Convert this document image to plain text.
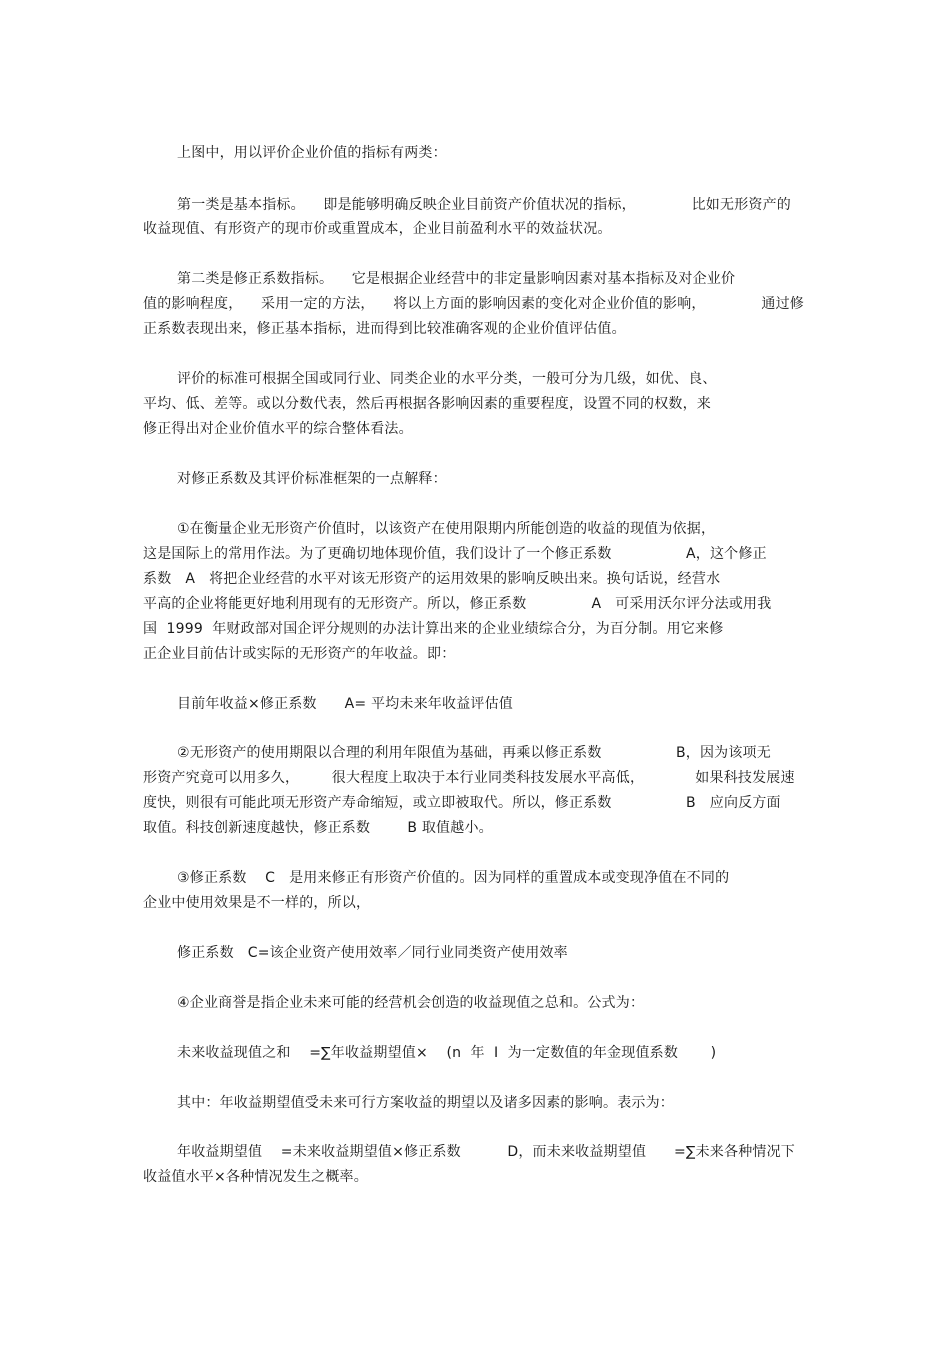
上图中，用以评价企业价值的指标有两类：
第一类是基本指标。    即是能够明确反映企业目前资产价值状况的指标，            比如无形资产的
收益现值、有形资产的现市价或重置成本，企业目前盈利水平的效益状况。
第二类是修正系数指标。    它是根据企业经营中的非定量影响因素对基本指标及对企业价
值的影响程度，    采用一定的方法，    将以上方面的影响因素的变化对企业价值的影响，            通过修
正系数表现出来，修正基本指标，进而得到比较准确客观的企业价值评估值。
评价的标准可根据全国或同行业、同类企业的水平分类，一般可分为几级，如优、良、
平均、低、差等。或以分数代表，然后再根据各影响因素的重要程度，设置不同的权数，来
修正得出对企业价值水平的综合整体看法。
对修正系数及其评价标准框架的一点解释：
①在衡量企业无形资产价值时，以该资产在使用限期内所能创造的收益的现值为依据，
这是国际上的常用作法。为了更确切地体现价值，我们设计了一个修正系数                A，这个修正
系数   A   将把企业经营的水平对该无形资产的运用效果的影响反映出来。换句话说，经营水
平高的企业将能更好地利用现有的无形资产。所以，修正系数              A   可采用沃尔评分法或用我
国  1999  年财政部对国企评分规则的办法计算出来的企业业绩综合分，为百分制。用它来修
正企业目前估计或实际的无形资产的年收益。即：
目前年收益×修正系数      A= 平均未来年收益评估值
②无形资产的使用期限以合理的利用年限值为基础，再乘以修正系数                B，因为该项无
形资产究竟可以用多久，       很大程度上取决于本行业同类科技发展水平高低，           如果科技发展速
度快，则很有可能此项无形资产寿命缩短，或立即被取代。所以，修正系数                B   应向反方面
取值。科技创新速度越快，修正系数        B 取值越小。
③修正系数    C   是用来修正有形资产价值的。因为同样的重置成本或变现净值在不同的
企业中使用效果是不一样的，所以，
修正系数   C=该企业资产使用效率／同行业同类资产使用效率
④企业商誉是指企业未来可能的经营机会创造的收益现值之总和。公式为：
未来收益现值之和    =∑年收益期望值×    (n  年  I  为一定数值的年金现值系数       )
其中：年收益期望值受未来可行方案收益的期望以及诸多因素的影响。表示为：
年收益期望值    =未来收益期望值×修正系数          D，而未来收益期望值      =∑未来各种情况下
收益值水平×各种情况发生之概率。
